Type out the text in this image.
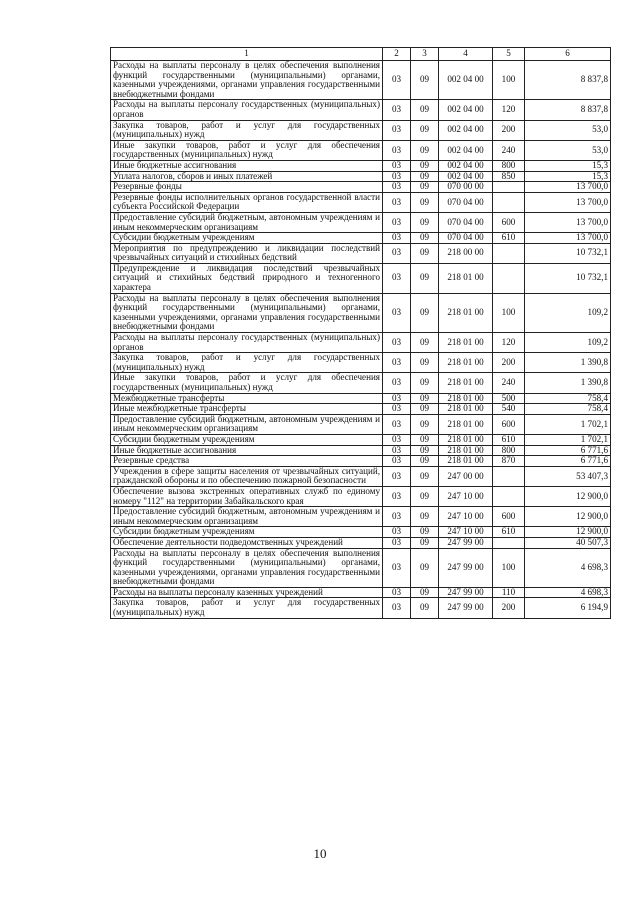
1	2	3	4	5	6
Расходы на выплаты персоналу в целях обеспечения выполнения функций государственными (муниципальными) органами, казенными учреждениями, органами управления государственными внебюджетными фондами	03	09	002 04 00	100	8 837,8
Расходы на выплаты персоналу государственных (муниципальных) органов	03	09	002 04 00	120	8 837,8
Закупка товаров, работ и услуг для государственных (муниципальных) нужд	03	09	002 04 00	200	53,0
Иные закупки товаров, работ и услуг для обеспечения государственных (муниципальных) нужд	03	09	002 04 00	240	53,0
Иные бюджетные ассигнования	03	09	002 04 00	800	15,3
Уплата налогов, сборов и иных платежей	03	09	002 04 00	850	15,3
Резервные фонды	03	09	070 00 00		13 700,0
Резервные фонды исполнительных органов государственной власти субъекта Российской Федерации	03	09	070 04 00		13 700,0
Предоставление субсидий бюджетным, автономным учреждениям и иным некоммерческим организациям	03	09	070 04 00	600	13 700,0
Субсидии бюджетным учреждениям	03	09	070 04 00	610	13 700,0
Мероприятия по предупреждению и ликвидации последствий чрезвычайных ситуаций и стихийных бедствий	03	09	218 00 00		10 732,1
Предупреждение и ликвидация последствий чрезвычайных ситуаций и стихийных бедствий природного и техногенного характера	03	09	218 01 00		10 732,1
Расходы на выплаты персоналу в целях обеспечения выполнения функций государственными (муниципальными) органами, казенными учреждениями, органами управления государственными внебюджетными фондами	03	09	218 01 00	100	109,2
Расходы на выплаты персоналу государственных (муниципальных) органов	03	09	218 01 00	120	109,2
Закупка товаров, работ и услуг для государственных (муниципальных) нужд	03	09	218 01 00	200	1 390,8
Иные закупки товаров, работ и услуг для обеспечения государственных (муниципальных) нужд	03	09	218 01 00	240	1 390,8
Межбюджетные трансферты	03	09	218 01 00	500	758,4
Иные межбюджетные трансферты	03	09	218 01 00	540	758,4
Предоставление субсидий бюджетным, автономным учреждениям и иным некоммерческим организациям	03	09	218 01 00	600	1 702,1
Субсидии бюджетным учреждениям	03	09	218 01 00	610	1 702,1
Иные бюджетные ассигнования	03	09	218 01 00	800	6 771,6
Резервные средства	03	09	218 01 00	870	6 771,6
Учреждения в сфере защиты населения от чрезвычайных ситуаций, гражданской обороны и по обеспечению пожарной безопасности	03	09	247 00 00		53 407,3
Обеспечение вызова экстренных оперативных служб по единому номеру "112" на территории Забайкальского края	03	09	247 10 00		12 900,0
Предоставление субсидий бюджетным, автономным учреждениям и иным некоммерческим организациям	03	09	247 10 00	600	12 900,0
Субсидии бюджетным учреждениям	03	09	247 10 00	610	12 900,0
Обеспечение деятельности подведомственных учреждений	03	09	247 99 00		40 507,3
Расходы на выплаты персоналу в целях обеспечения выполнения функций государственными (муниципальными) органами, казенными учреждениями, органами управления государственными внебюджетными фондами	03	09	247 99 00	100	4 698,3
Расходы на выплаты персоналу казенных учреждений	03	09	247 99 00	110	4 698,3
Закупка товаров, работ и услуг для государственных (муниципальных) нужд	03	09	247 99 00	200	6 194,9
10
